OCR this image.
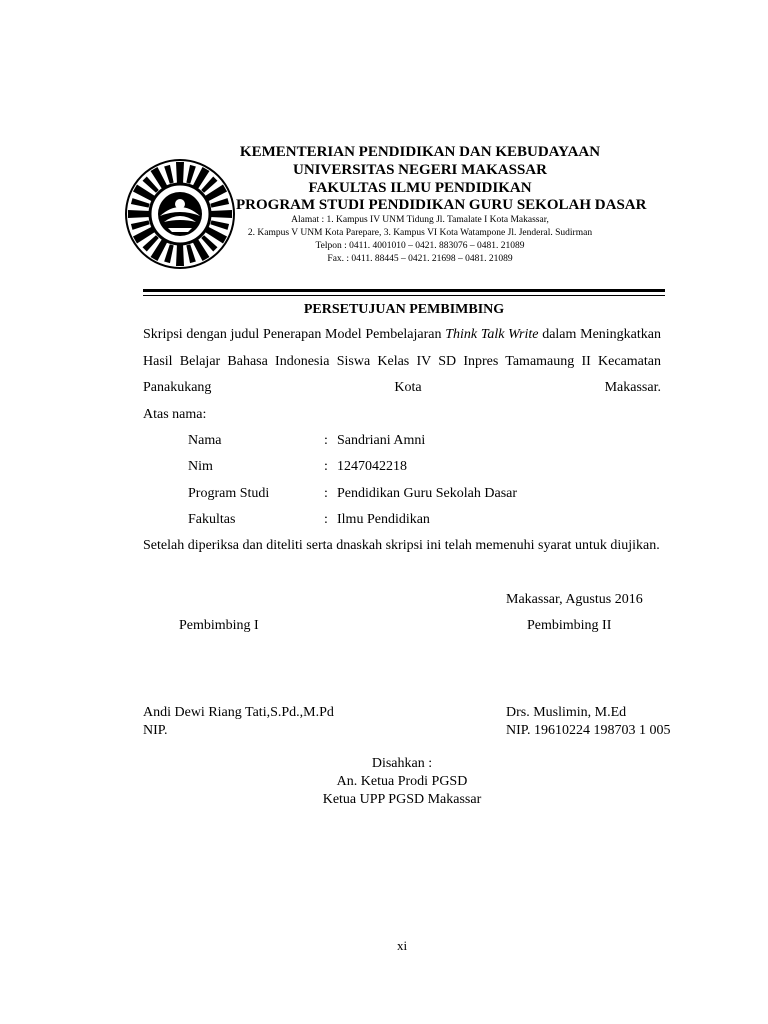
KEMENTERIAN PENDIDIKAN DAN KEBUDAYAAN
UNIVERSITAS NEGERI MAKASSAR
FAKULTAS ILMU PENDIDIKAN
PROGRAM STUDI PENDIDIKAN GURU SEKOLAH DASAR
Alamat : 1. Kampus IV UNM Tidung Jl. Tamalate I Kota Makassar,
2. Kampus V UNM Kota Parepare, 3. Kampus VI Kota Watampone Jl. Jenderal. Sudirman
Telpon : 0411. 4001010 – 0421. 883076 – 0481. 21089
Fax. : 0411. 88445 – 0421. 21698 – 0481. 21089
PERSETUJUAN PEMBIMBING
Skripsi dengan judul Penerapan Model Pembelajaran Think Talk Write dalam Meningkatkan Hasil Belajar Bahasa Indonesia Siswa Kelas IV SD Inpres Tamamaung II Kecamatan Panakukang Kota Makassar.
Atas nama:
Nama	: Sandriani Amni
Nim	: 1247042218
Program Studi	: Pendidikan Guru Sekolah Dasar
Fakultas	: Ilmu Pendidikan
Setelah diperiksa dan diteliti serta dnaskah skripsi ini telah memenuhi syarat untuk diujikan.
Makassar, Agustus 2016
Pembimbing I	Pembimbing II
Andi Dewi Riang Tati,S.Pd.,M.Pd	Drs. Muslimin, M.Ed
NIP.	NIP. 19610224 198703 1 005
Disahkan :
An. Ketua Prodi PGSD
Ketua UPP PGSD Makassar
xi
